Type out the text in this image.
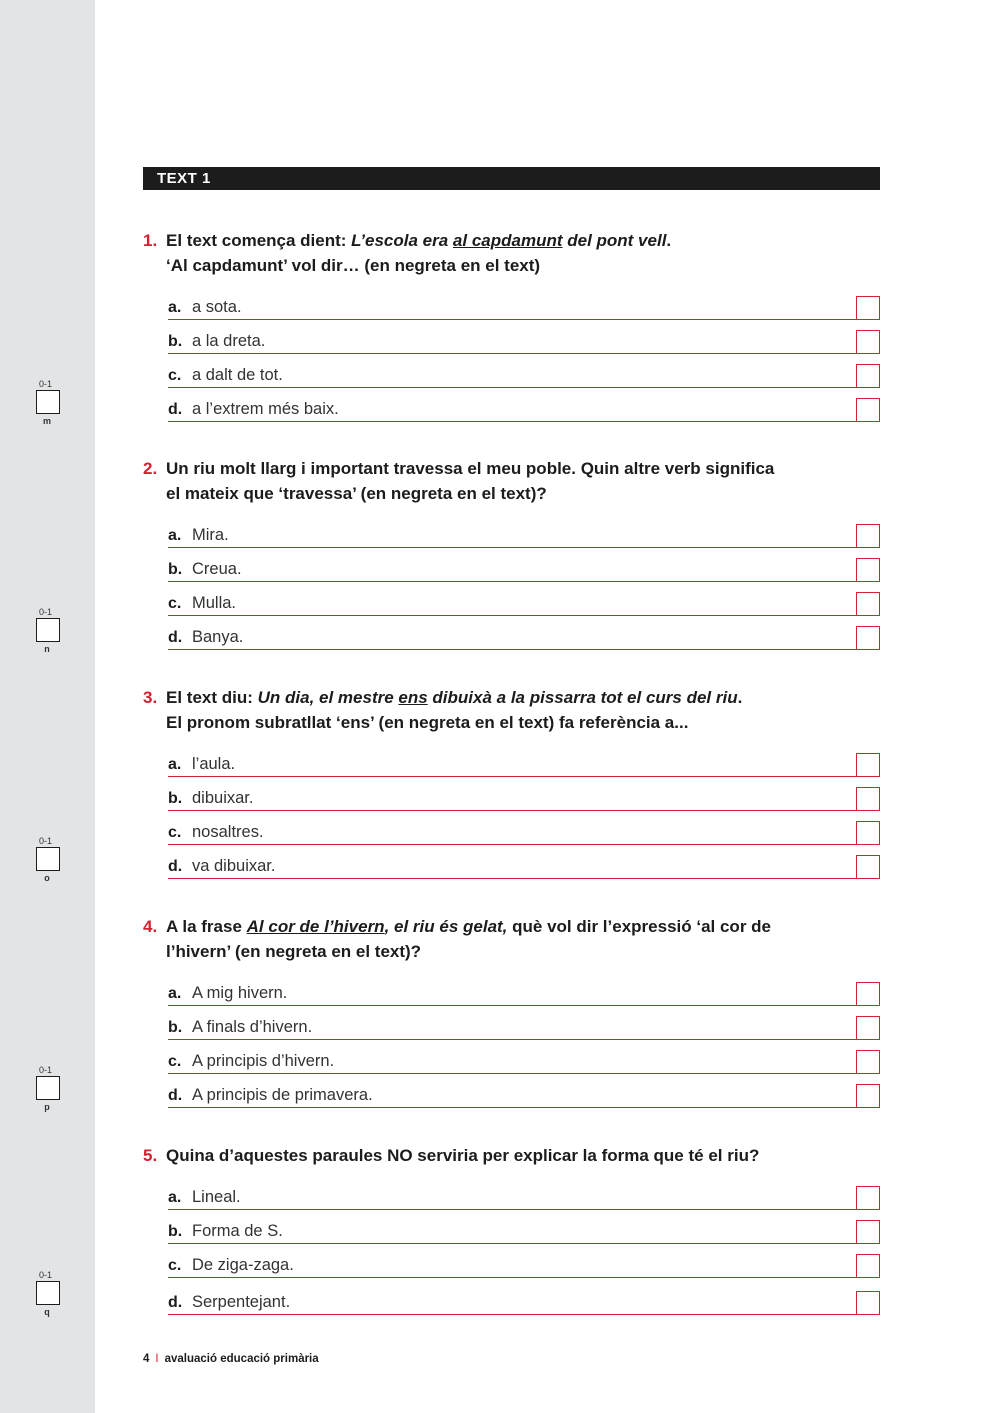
0-1
m
0-1
n
0-1
o
0-1
p
0-1
q
TEXT 1

1. El text comença dient: L’escola era al capdamunt del pont vell.
‘Al capdamunt’ vol dir… (en negreta en el text)

a. a sota.
b. a la dreta.
c. a dalt de tot.
d. a l’extrem més baix.

2. Un riu molt llarg i important travessa el meu poble. Quin altre verb significa
el mateix que ‘travessa’ (en negreta en el text)?

a. Mira.
b. Creua.
c. Mulla.
d. Banya.

3. El text diu: Un dia, el mestre ens dibuixà a la pissarra tot el curs del riu.
El pronom subratllat ‘ens’ (en negreta en el text) fa referència a...

a. l’aula.
b. dibuixar.
c. nosaltres.
d. va dibuixar.

4. A la frase Al cor de l’hivern, el riu és gelat, què vol dir l’expressió ‘al cor de
l’hivern’ (en negreta en el text)?

a. A mig hivern.
b. A finals d’hivern.
c. A principis d’hivern.
d. A principis de primavera.

5. Quina d’aquestes paraules NO serviria per explicar la forma que té el riu?

a. Lineal.
b. Forma de S.
c. De ziga-zaga.
d. Serpentejant.
4 I avaluació educació primària
